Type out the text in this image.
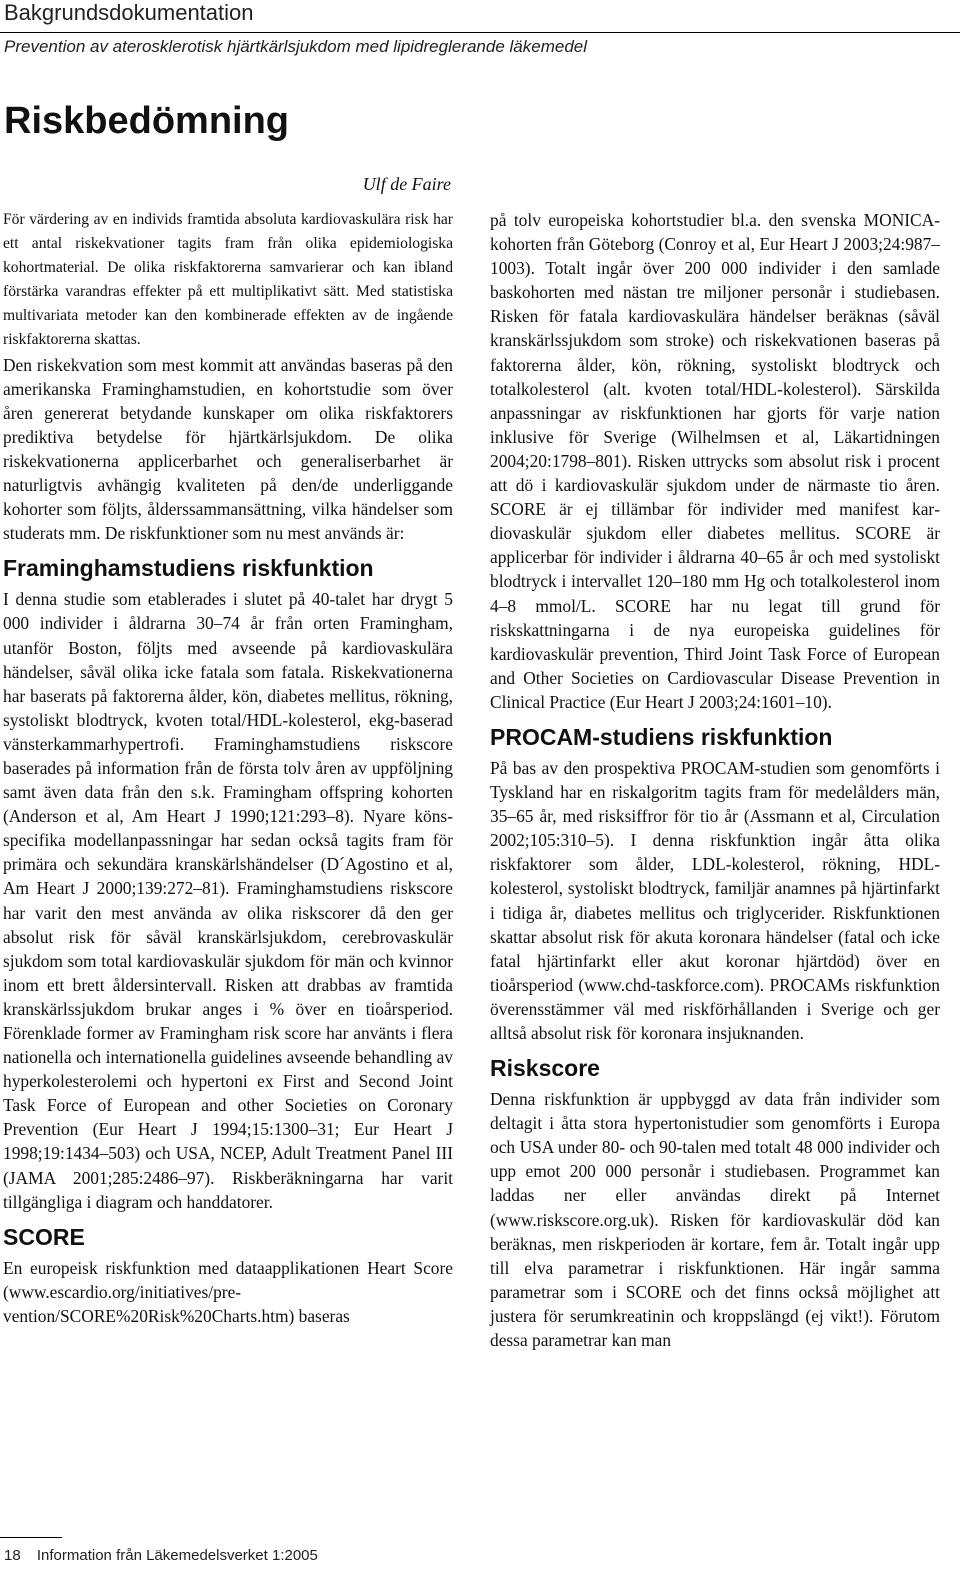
Bakgrundsdokumentation
Prevention av aterosklerotisk hjärtkärlsjukdom med lipidreglerande läkemedel
Riskbedömning
Ulf de Faire

För värdering av en individs framtida absoluta kardiovaskulära risk har ett antal riskekvationer tagits fram från olika epidemiologiska kohortmaterial. De olika riskfaktorerna samvarierar och kan ibland förstärka varandras effekter på ett multiplikativt sätt. Med statistiska multivariata metoder kan den kombinerade effekten av de ingående riskfaktorerna skattas.

Den riskekvation som mest kommit att användas baseras på den amerikanska Framinghamstudien, en kohortstudie som över åren genererat betydande kunskaper om olika riskfaktorers prediktiva betydelse för hjärtkärlsjukdom. De olika riskekvationerna applicerbarhet och generaliserbarhet är naturligtvis avhängig kvaliteten på den/de underliggande kohorter som följts, ålderssammansättning, vilka händelser som studerats mm. De riskfunktioner som nu mest används är:

Framinghamstudiens riskfunktion

I denna studie som etablerades i slutet på 40-talet har drygt 5 000 individer i åldrarna 30–74 år från orten Framingham, utanför Boston, följts med avseende på kardiovaskulära händelser, såväl olika icke fatala som fatala. Riskekvationerna har baserats på faktorerna ålder, kön, diabetes mellitus, rökning, systoliskt blodtryck, kvoten total/HDL-kolesterol, ekg-baserad vänsterkammarhypertrofi. Framinghamstudiens riskscore baserades på information från de första tolv åren av uppföljning samt även data från den s.k. Framingham offspring kohorten (Anderson et al, Am Heart J 1990;121:293–8). Nyare könsspecifika modellanpassningar har sedan också tagits fram för primära och sekundära kranskärlshändelser (D´Agostino et al, Am Heart J 2000;139:272–81). Framinghamstudiens riskscore har varit den mest använda av olika riskscorer då den ger absolut risk för såväl kranskärlsjukdom, cerebrovaskulär sjukdom som total kardiovaskulär sjukdom för män och kvinnor inom ett brett åldersintervall. Risken att drabbas av framtida kranskärlssjukdom brukar anges i % över en tioårsperiod. Förenklade former av Framingham risk score har använts i flera nationella och internationella guidelines avseende behandling av hyperkolesterolemi och hypertoni ex First and Second Joint Task Force of European and other Societies on Coronary Prevention (Eur Heart J 1994;15:1300–31; Eur Heart J 1998;19:1434–503) och USA, NCEP, Adult Treatment Panel III (JAMA 2001;285:2486–97). Riskberäkningarna har varit tillgängliga i diagram och handdatorer.

SCORE

En europeisk riskfunktion med dataapplikationen Heart Score (www.escardio.org/initiatives/prevention/SCORE%20Risk%20Charts.htm) baseras

på tolv europeiska kohortstudier bl.a. den svenska MONICA-kohorten från Göteborg (Conroy et al, Eur Heart J 2003;24:987–1003). Totalt ingår över 200 000 individer i den samlade baskohorten med nästan tre miljoner personår i studiebasen. Risken för fatala kardiovaskulära händelser beräknas (såväl kranskärlssjukdom som stroke) och riskekvationen baseras på faktorerna ålder, kön, rökning, systoliskt blodtryck och totalkolesterol (alt. kvoten total/HDL-kolesterol). Särskilda anpassningar av riskfunktionen har gjorts för varje nation inklusive för Sverige (Wilhelmsen et al, Läkartidningen 2004;20:1798–801). Risken uttrycks som absolut risk i procent att dö i kardiovaskulär sjukdom under de närmaste tio åren. SCORE är ej tillämbar för individer med manifest kardiovaskulär sjukdom eller diabetes mellitus. SCORE är applicerbar för individer i åldrarna 40–65 år och med systoliskt blodtryck i intervallet 120–180 mm Hg och totalkolesterol inom 4–8 mmol/L. SCORE har nu legat till grund för riskskattningarna i de nya europeiska guidelines för kardiovaskulär prevention, Third Joint Task Force of European and Other Societies on Cardiovascular Disease Prevention in Clinical Practice (Eur Heart J 2003;24:1601–10).

PROCAM-studiens riskfunktion

På bas av den prospektiva PROCAM-studien som genomförts i Tyskland har en riskalgoritm tagits fram för medelålders män, 35–65 år, med risksiffror för tio år (Assmann et al, Circulation 2002;105:310–5). I denna riskfunktion ingår åtta olika riskfaktorer som ålder, LDL-kolesterol, rökning, HDL-kolesterol, systoliskt blodtryck, familjär anamnes på hjärtinfarkt i tidiga år, diabetes mellitus och triglycerider. Riskfunktionen skattar absolut risk för akuta koronara händelser (fatal och icke fatal hjärtinfarkt eller akut koronar hjärtdöd) över en tioårsperiod (www.chd-taskforce.com). PROCAMs riskfunktion överensstämmer väl med riskförhållanden i Sverige och ger alltså absolut risk för koronara insjuknanden.

Riskscore

Denna riskfunktion är uppbyggd av data från individer som deltagit i åtta stora hypertonistudier som genomförts i Europa och USA under 80- och 90-talen med totalt 48 000 individer och upp emot 200 000 personår i studiebasen. Programmet kan laddas ner eller användas direkt på Internet (www.riskscore.org.uk). Risken för kardiovaskulär död kan beräknas, men riskperioden är kortare, fem år. Totalt ingår upp till elva parametrar i riskfunktionen. Här ingår samma parametrar som i SCORE och det finns också möjlighet att justera för serumkreatinin och kroppslängd (ej vikt!). Förutom dessa parametrar kan man

18 Information från Läkemedelsverket 1:2005
